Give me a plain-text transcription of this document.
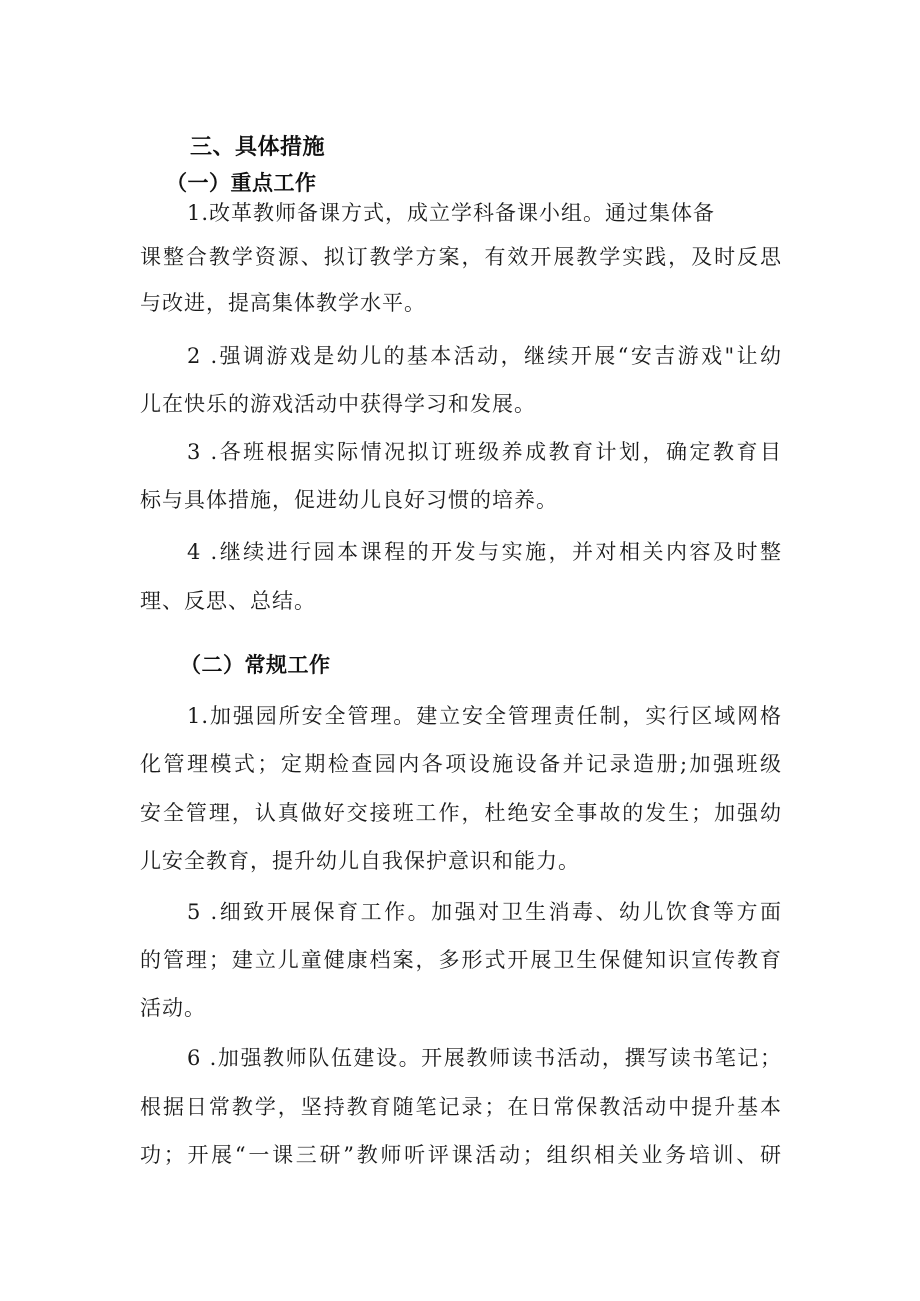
三、具体措施
（一）重点工作
1.改革教师备课方式，成立学科备课小组。通过集体备
课整合教学资源、拟订教学方案，有效开展教学实践，及时反思
与改进，提高集体教学水平。
2 .强调游戏是幼儿的基本活动，继续开展“安吉游戏"让幼
儿在快乐的游戏活动中获得学习和发展。
3 .各班根据实际情况拟订班级养成教育计划，确定教育目
标与具体措施，促进幼儿良好习惯的培养。
4 .继续进行园本课程的开发与实施，并对相关内容及时整
理、反思、总结。
（二）常规工作
1.加强园所安全管理。建立安全管理责任制，实行区域网格
化管理模式；定期检查园内各项设施设备并记录造册;加强班级
安全管理，认真做好交接班工作，杜绝安全事故的发生；加强幼
儿安全教育，提升幼儿自我保护意识和能力。
5 .细致开展保育工作。加强对卫生消毒、幼儿饮食等方面
的管理；建立儿童健康档案，多形式开展卫生保健知识宣传教育
活动。
6 .加强教师队伍建设。开展教师读书活动，撰写读书笔记；
根据日常教学，坚持教育随笔记录；在日常保教活动中提升基本
功；开展“一课三研”教师听评课活动；组织相关业务培训、研
